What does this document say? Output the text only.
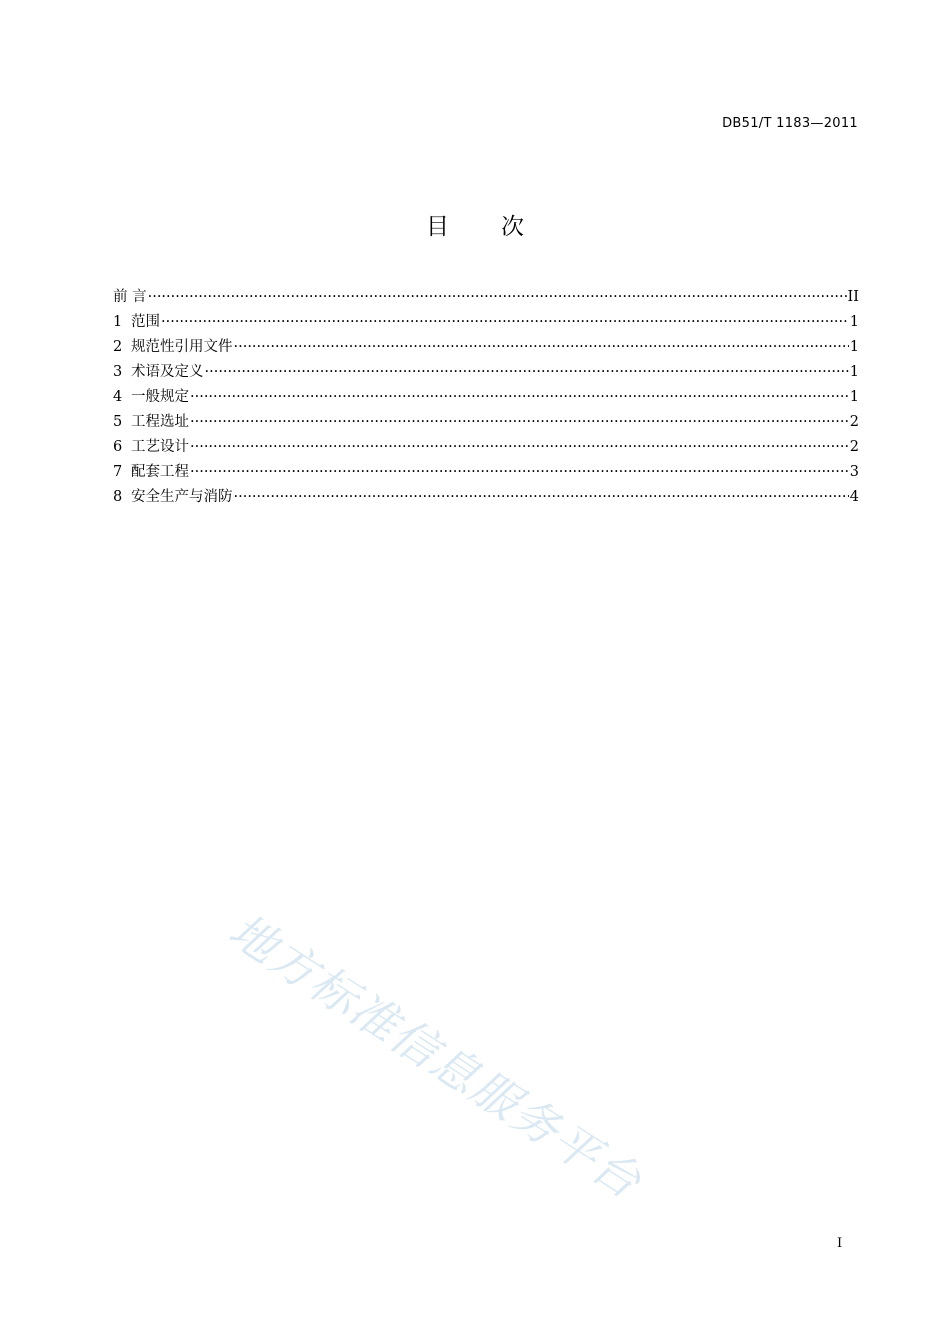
DB51/T 1183—2011
目 次
前 言 ·····	II
1 范围 ·····	1
2 规范性引用文件 ·····	1
3 术语及定义 ·····	1
4 一般规定 ·····	1
5 工程选址 ·····	2
6 工艺设计 ·····	2
7 配套工程 ·····	3
8 安全生产与消防 ·····	4
地方标准信息服务平台
I
